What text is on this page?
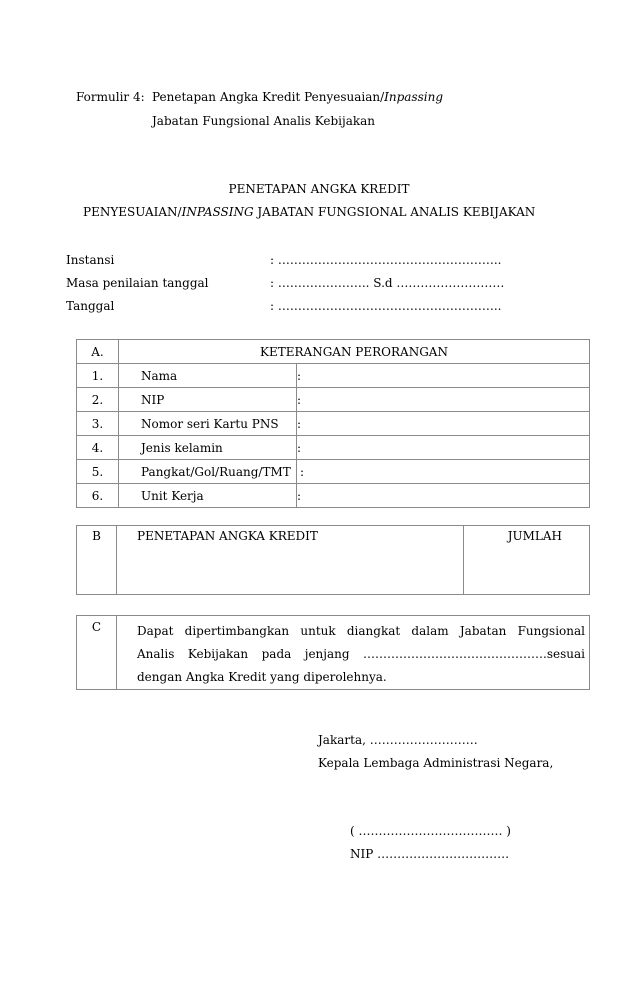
Formulir 4: Penetapan Angka Kredit Penyesuaian/Inpassing
Jabatan Fungsional Analis Kebijakan
PENETAPAN ANGKA KREDIT
PENYESUAIAN/INPASSING JABATAN FUNGSIONAL ANALIS KEBIJAKAN
Instansi	: ………………………………………………..
Masa penilaian tanggal	: ………………….. S.d ………………………
Tanggal	: ………………………………………………..
A.	KETERANGAN PERORANGAN	
1.	Nama	:
2.	NIP	:
3.	Nomor seri Kartu PNS	:
4.	Jenis kelamin	:
5.	Pangkat/Gol/Ruang/TMT	:
6.	Unit Kerja	:
B	PENETAPAN ANGKA KREDIT	JUMLAH
C	Dapat dipertimbangkan untuk diangkat dalam Jabatan Fungsional
Analis Kebijakan pada jenjang ……………………………………….sesuai
dengan Angka Kredit yang diperolehnya.
Jakarta, ………………………
Kepala Lembaga Administrasi Negara,
( ……………………………… )
NIP ……………………………
